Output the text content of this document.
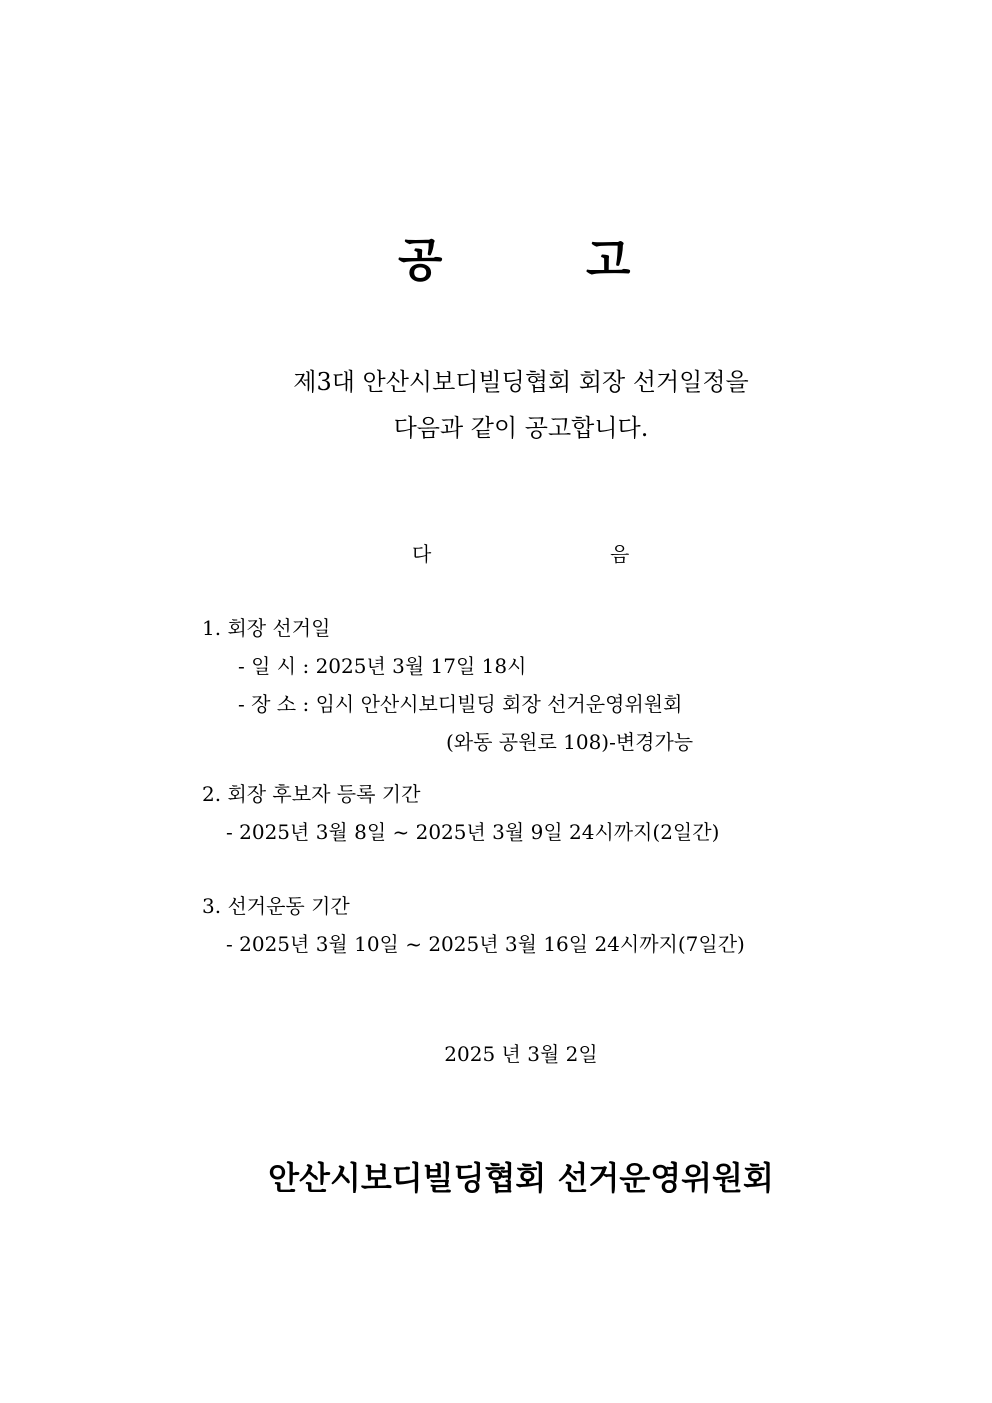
공	고
제3대 안산시보디빌딩협회 회장 선거일정을
다음과 같이 공고합니다.
다	음
1. 회장 선거일
- 일 시 : 2025년 3월 17일 18시
- 장 소 : 임시 안산시보디빌딩 회장 선거운영위원회
(와동 공원로 108)-변경가능
2. 회장 후보자 등록 기간
- 2025년 3월 8일 ~ 2025년 3월 9일 24시까지(2일간)
3. 선거운동 기간
- 2025년 3월 10일 ~ 2025년 3월 16일 24시까지(7일간)
2025 년 3월 2일
안산시보디빌딩협회 선거운영위원회
